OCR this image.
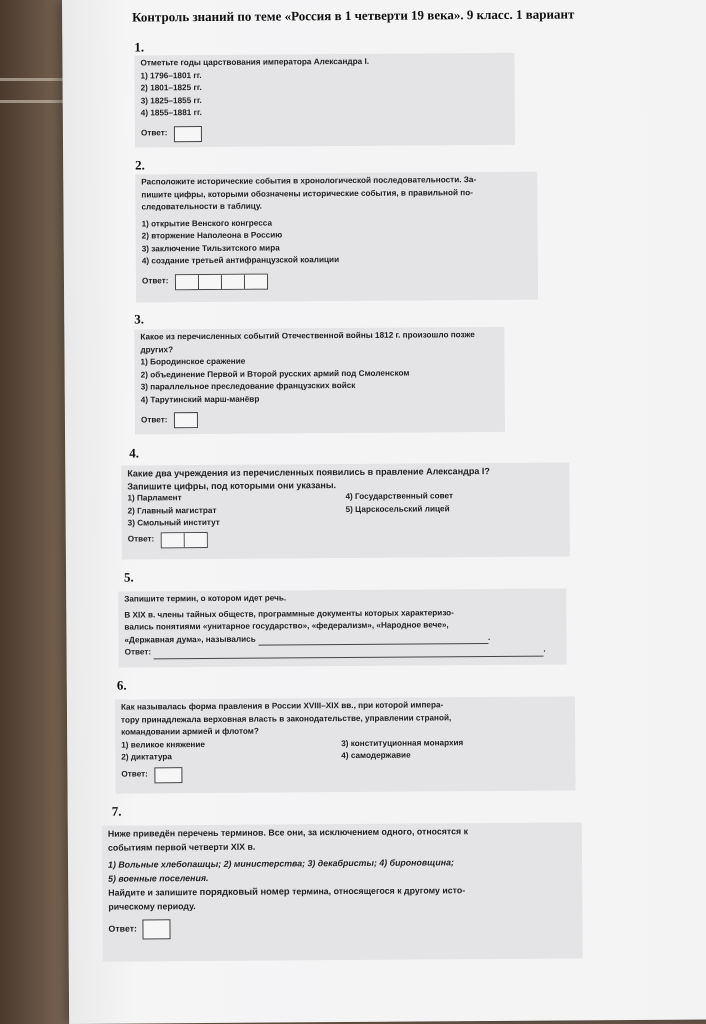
Контроль знаний по теме «Россия в 1 четверти 19 века». 9 класс. 1 вариант
1.

Отметьте годы царствования императора Александра I.

1) 1796–1801 гг.
2) 1801–1825 гг.
3) 1825–1855 гг.
4) 1855–1881 гг.
Ответ:
2.

Расположите исторические события в хронологической последовательности. За-

пишите цифры, которыми обозначены исторические события, в правильной по-

следовательности в таблицу.

1) открытие Венского конгресса
2) вторжение Наполеона в Россию
3) заключение Тильзитского мира
4) создание третьей антифранцузской коалиции
Ответ:
3.

Какое из перечисленных событий Отечественной войны 1812 г. произошло позже

других?

1) Бородинское сражение
2) объединение Первой и Второй русских армий под Смоленском
3) параллельное преследование французских войск
4) Тарутинский марш-манёвр
Ответ:
4.

Какие два учреждения из перечисленных появились в правление Александра I?

Запишите цифры, под которыми они указаны.

1) Парламент
2) Главный магистрат
3) Смольный институт
4) Государственный совет
5) Царскосельский лицей
Ответ:
5.

Запишите термин, о котором идет речь.

В XIX в. члены тайных обществ, программные документы которых характеризо-

вались понятиями «унитарное государство», «федерализм», «Народное вече»,

«Державная дума», назывались	.

Ответ:	.

6.

Как называлась форма правления в России XVIII–XIX вв., при которой импера-

тору принадлежала верховная власть в законодательстве, управлении страной,

командовании армией и флотом?

1) великое княжение
2) диктатура
3) конституционная монархия
4) самодержавие
Ответ:
7.

Ниже приведён перечень терминов. Все они, за исключением одного, относятся к

событиям первой четверти XIX в.

1) Вольные хлебопашцы; 2) министерства; 3) декабристы; 4) бироновщина;

5) военные поселения.

Найдите и запишите порядковый номер термина, относящегося к другому исто-

рическому периоду.

Ответ:
